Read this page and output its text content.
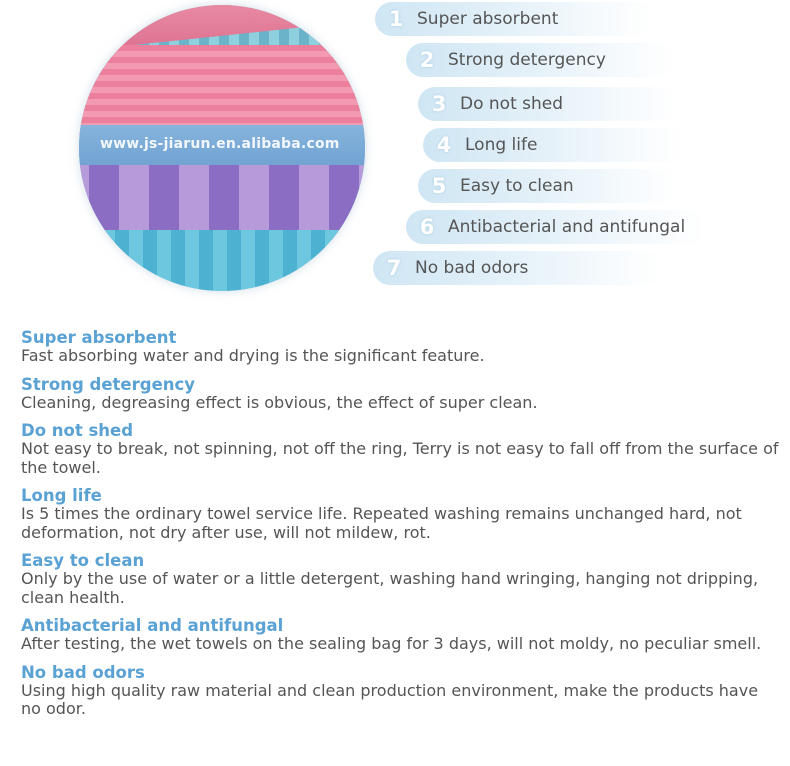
www.js-jiarun.en.alibaba.com
1 Super absorbent
2 Strong detergency
3 Do not shed
4 Long life
5 Easy to clean
6 Antibacterial and antifungal
7 No bad odors
Super absorbent

Fast absorbing water and drying is the significant feature.

Strong detergency

Cleaning, degreasing effect is obvious, the effect of super clean.

Do not shed

Not easy to break, not spinning, not off the ring, Terry is not easy to fall off from the surface of the towel.

Long life

Is 5 times the ordinary towel service life. Repeated washing remains unchanged hard, not deformation, not dry after use, will not mildew, rot.

Easy to clean

Only by the use of water or a little detergent, washing hand wringing, hanging not dripping, clean health.

Antibacterial and antifungal

After testing, the wet towels on the sealing bag for 3 days, will not moldy, no peculiar smell.

No bad odors

Using high quality raw material and clean production environment, make the products have no odor.
